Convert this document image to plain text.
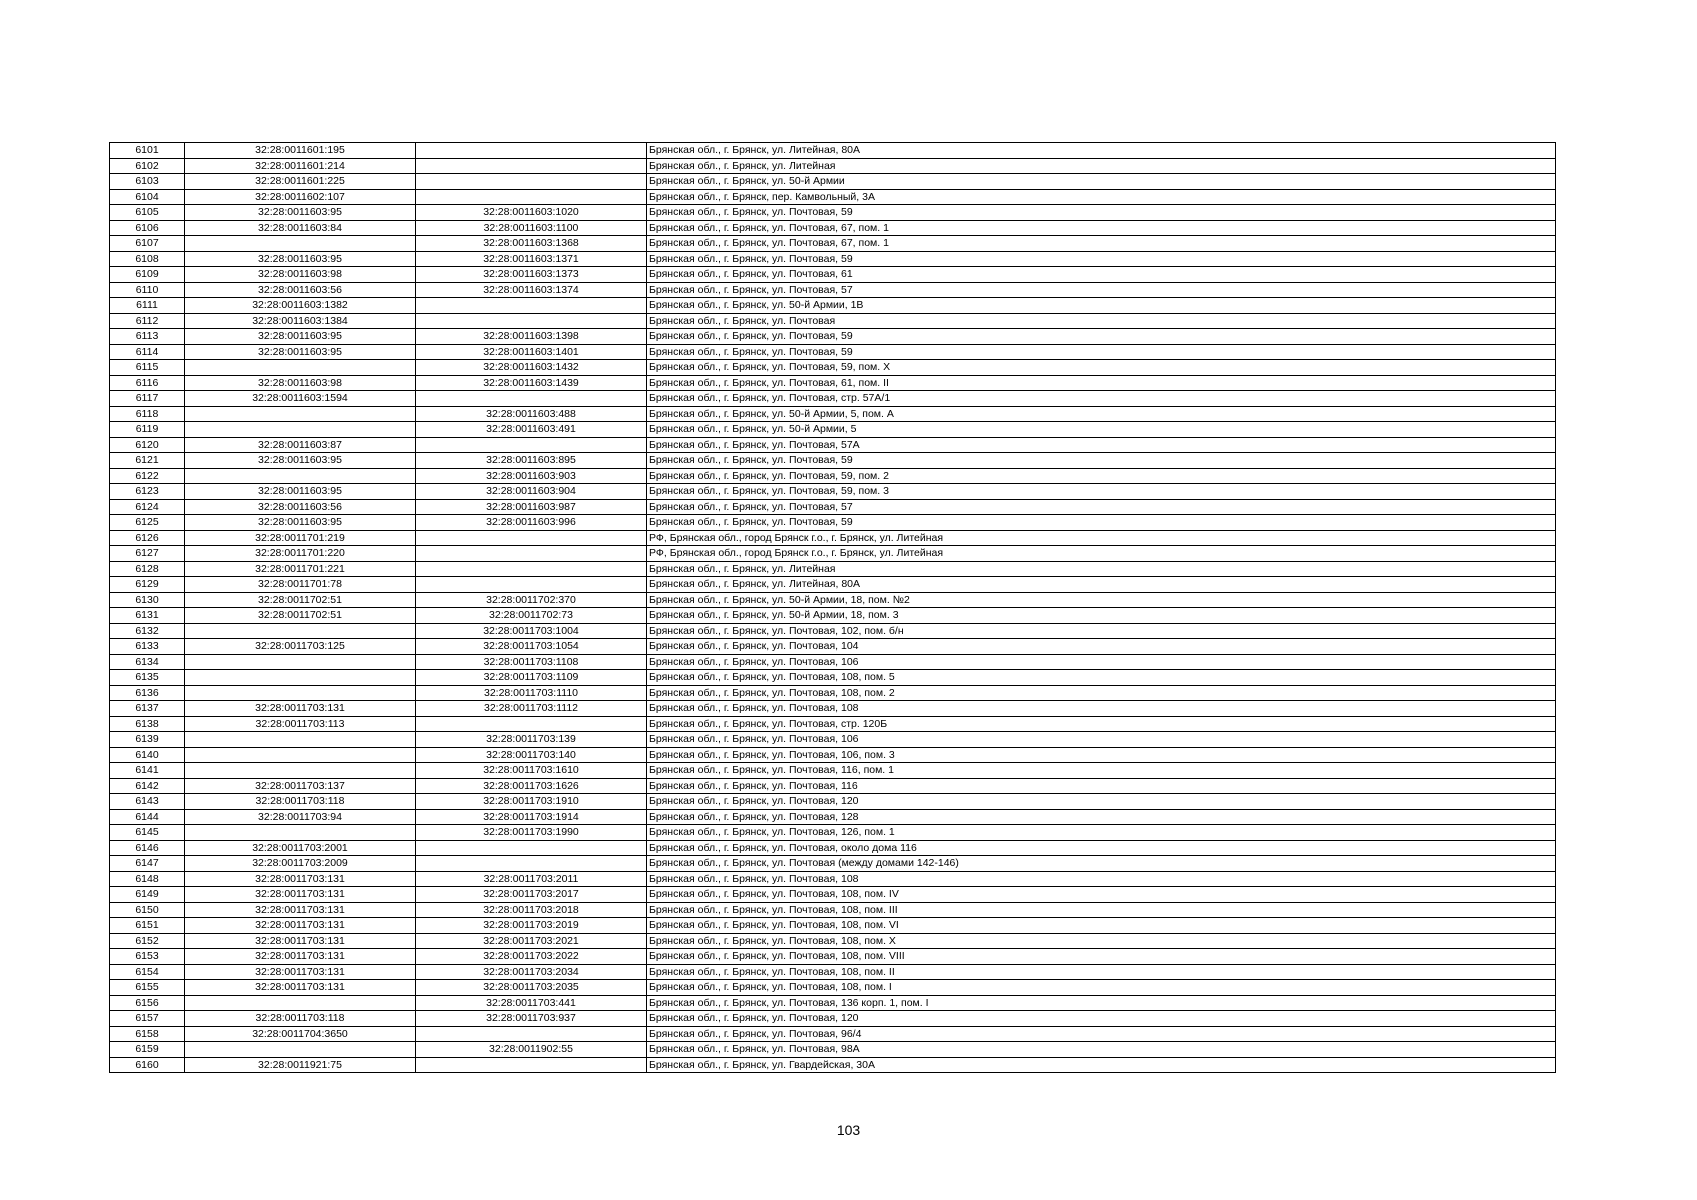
6101	32:28:0011601:195		Брянская обл., г. Брянск, ул. Литейная, 80А
6102	32:28:0011601:214		Брянская обл., г. Брянск, ул. Литейная
6103	32:28:0011601:225		Брянская обл., г. Брянск, ул. 50-й Армии
6104	32:28:0011602:107		Брянская обл., г. Брянск, пер. Камвольный, 3А
6105	32:28:0011603:95	32:28:0011603:1020	Брянская обл., г. Брянск, ул. Почтовая, 59
6106	32:28:0011603:84	32:28:0011603:1100	Брянская обл., г. Брянск, ул. Почтовая, 67, пом. 1
6107		32:28:0011603:1368	Брянская обл., г. Брянск, ул. Почтовая, 67, пом. 1
6108	32:28:0011603:95	32:28:0011603:1371	Брянская обл., г. Брянск, ул. Почтовая, 59
6109	32:28:0011603:98	32:28:0011603:1373	Брянская обл., г. Брянск, ул. Почтовая, 61
6110	32:28:0011603:56	32:28:0011603:1374	Брянская обл., г. Брянск, ул. Почтовая, 57
6111	32:28:0011603:1382		Брянская обл., г. Брянск, ул. 50-й Армии, 1В
6112	32:28:0011603:1384		Брянская обл., г. Брянск, ул. Почтовая
6113	32:28:0011603:95	32:28:0011603:1398	Брянская обл., г. Брянск, ул. Почтовая, 59
6114	32:28:0011603:95	32:28:0011603:1401	Брянская обл., г. Брянск, ул. Почтовая, 59
6115		32:28:0011603:1432	Брянская обл., г. Брянск, ул. Почтовая, 59, пом. Х
6116	32:28:0011603:98	32:28:0011603:1439	Брянская обл., г. Брянск, ул. Почтовая, 61, пом. II
6117	32:28:0011603:1594		Брянская обл., г. Брянск, ул. Почтовая, стр. 57А/1
6118		32:28:0011603:488	Брянская обл., г. Брянск, ул. 50-й Армии, 5, пом. А
6119		32:28:0011603:491	Брянская обл., г. Брянск, ул. 50-й Армии, 5
6120	32:28:0011603:87		Брянская обл., г. Брянск, ул. Почтовая, 57А
6121	32:28:0011603:95	32:28:0011603:895	Брянская обл., г. Брянск, ул. Почтовая, 59
6122		32:28:0011603:903	Брянская обл., г. Брянск, ул. Почтовая, 59, пом. 2
6123	32:28:0011603:95	32:28:0011603:904	Брянская обл., г. Брянск, ул. Почтовая, 59, пом. 3
6124	32:28:0011603:56	32:28:0011603:987	Брянская обл., г. Брянск, ул. Почтовая, 57
6125	32:28:0011603:95	32:28:0011603:996	Брянская обл., г. Брянск, ул. Почтовая, 59
6126	32:28:0011701:219		РФ, Брянская обл., город Брянск г.о., г. Брянск, ул. Литейная
6127	32:28:0011701:220		РФ, Брянская обл., город Брянск г.о., г. Брянск, ул. Литейная
6128	32:28:0011701:221		Брянская обл., г. Брянск, ул. Литейная
6129	32:28:0011701:78		Брянская обл., г. Брянск, ул. Литейная, 80А
6130	32:28:0011702:51	32:28:0011702:370	Брянская обл., г. Брянск, ул. 50-й Армии, 18, пом. №2
6131	32:28:0011702:51	32:28:0011702:73	Брянская обл., г. Брянск, ул. 50-й Армии, 18, пом. 3
6132		32:28:0011703:1004	Брянская обл., г. Брянск, ул. Почтовая, 102, пом. б/н
6133	32:28:0011703:125	32:28:0011703:1054	Брянская обл., г. Брянск, ул. Почтовая, 104
6134		32:28:0011703:1108	Брянская обл., г. Брянск, ул. Почтовая, 106
6135		32:28:0011703:1109	Брянская обл., г. Брянск, ул. Почтовая, 108, пом. 5
6136		32:28:0011703:1110	Брянская обл., г. Брянск, ул. Почтовая, 108, пом. 2
6137	32:28:0011703:131	32:28:0011703:1112	Брянская обл., г. Брянск, ул. Почтовая, 108
6138	32:28:0011703:113		Брянская обл., г. Брянск, ул. Почтовая, стр. 120Б
6139		32:28:0011703:139	Брянская обл., г. Брянск, ул. Почтовая, 106
6140		32:28:0011703:140	Брянская обл., г. Брянск, ул. Почтовая, 106, пом. 3
6141		32:28:0011703:1610	Брянская обл., г. Брянск, ул. Почтовая, 116, пом. 1
6142	32:28:0011703:137	32:28:0011703:1626	Брянская обл., г. Брянск, ул. Почтовая, 116
6143	32:28:0011703:118	32:28:0011703:1910	Брянская обл., г. Брянск, ул. Почтовая, 120
6144	32:28:0011703:94	32:28:0011703:1914	Брянская обл., г. Брянск, ул. Почтовая, 128
6145		32:28:0011703:1990	Брянская обл., г. Брянск, ул. Почтовая, 126, пом. 1
6146	32:28:0011703:2001		Брянская обл., г. Брянск, ул. Почтовая, около дома 116
6147	32:28:0011703:2009		Брянская обл., г. Брянск, ул. Почтовая (между домами 142-146)
6148	32:28:0011703:131	32:28:0011703:2011	Брянская обл., г. Брянск, ул. Почтовая, 108
6149	32:28:0011703:131	32:28:0011703:2017	Брянская обл., г. Брянск, ул. Почтовая, 108, пом. IV
6150	32:28:0011703:131	32:28:0011703:2018	Брянская обл., г. Брянск, ул. Почтовая, 108, пом. III
6151	32:28:0011703:131	32:28:0011703:2019	Брянская обл., г. Брянск, ул. Почтовая, 108, пом. VI
6152	32:28:0011703:131	32:28:0011703:2021	Брянская обл., г. Брянск, ул. Почтовая, 108, пом. X
6153	32:28:0011703:131	32:28:0011703:2022	Брянская обл., г. Брянск, ул. Почтовая, 108, пом. VIII
6154	32:28:0011703:131	32:28:0011703:2034	Брянская обл., г. Брянск, ул. Почтовая, 108, пом. II
6155	32:28:0011703:131	32:28:0011703:2035	Брянская обл., г. Брянск, ул. Почтовая, 108, пом. I
6156		32:28:0011703:441	Брянская обл., г. Брянск, ул. Почтовая, 136 корп. 1, пом. I
6157	32:28:0011703:118	32:28:0011703:937	Брянская обл., г. Брянск, ул. Почтовая, 120
6158	32:28:0011704:3650		Брянская обл., г. Брянск, ул. Почтовая, 96/4
6159		32:28:0011902:55	Брянская обл., г. Брянск, ул. Почтовая, 98А
6160	32:28:0011921:75		Брянская обл., г. Брянск, ул. Гвардейская, 30А
103
